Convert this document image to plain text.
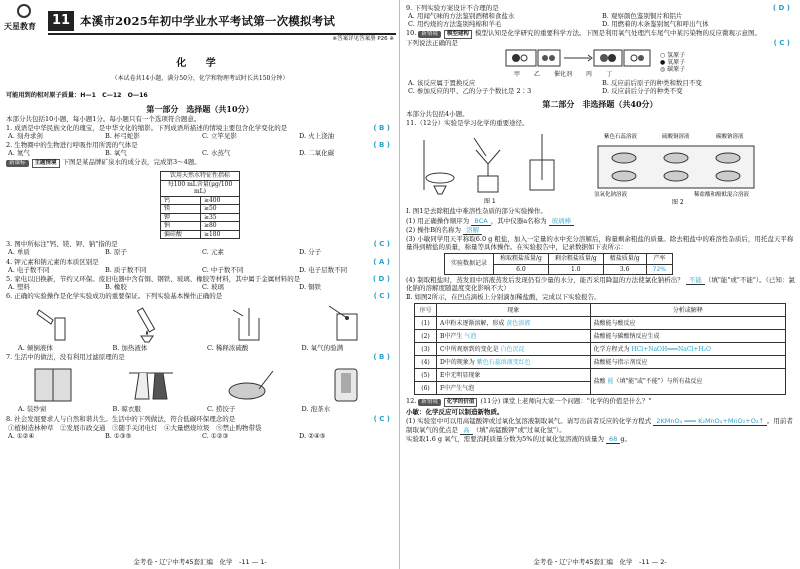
天星教育	11 本溪市2025年初中学业水平考试第一次模拟考试
※答案详见答案册 P26 ※
化 学
（本试卷共14小题，满分50分，化学和物理考试时长共150分钟）
可能用到的相对原子质量：H—1　C—12　O—16
第一部分　选择题（共10分）
本部分共包括10小题，每小题1分。每小题只有一个选项符合题意。
1. 成语是中华民族文化的瑰宝，是中华文化的缩影。下列成语所描述的情境主要包含化学变化的是	( B )
A. 刻舟求剑	B. 杯弓蛇影	C. 立竿见影	D. 火上浇油
2. 生物圈中的生物进行呼吸作用所需的气体是	( B )
A. 氮气	B. 氧气	C. 水蒸气	D. 二氧化碳
新课标 主题情境 下图是某品牌矿泉水的成分表，完成第3～4题。
饮用天然水特征性指标
每100 mL含量(μg/100 mL)	
钙	≥400
镁	≥50
钾	≥35
钠	≥80
偏硅酸	≥180
3. 图中所标注"钙、镁、钾、钠"指的是	( C )
A. 单质	B. 原子	C. 元素	D. 分子
4. 钾元素和钠元素的本质区别是	( A )
A. 电子数不同	B. 质子数不同	C. 中子数不同	D. 电子层数不同
5. 家电以旧换新，节约又环保。废旧电器中含有铜、钢铁、玻璃、橡胶等材料，其中属于金属材料的是	( D )
A. 塑料	B. 橡胶	C. 玻璃	D. 铜铁
6. 正确的实验操作是化学实验成功的重要保证。下列实验基本操作正确的是	( C )
A. 倾倒液体	B. 加热液体	C. 稀释浓硫酸	D. 氧气的验满
7. 生活中的做法，没有利用过滤原理的是	( B )
A. 装纱窗	B. 晾衣服	C. 捞饺子	D. 泡茶水
8. 社会发展要求人与自然和谐共生。生活中的下列做法，符合低碳环保理念的是	( C )
①植树造林种草　②发展市政交通　③随手关闭电灯　④大量燃烧垃圾　⑤禁止购物带袋
A. ①②④	B. ①③⑤	C. ①②③	D. ②④⑤
金考卷・辽宁中考45套汇编　化学　-11 — 1-
9. 下列实验方案设计不合理的是	( D )
A. 用闻气味的方法鉴别酒精和食盐水	B. 观察颜色鉴别铜片和铝片
C. 用灼烧的方法鉴别纯棉和羊毛	D. 用燃着的木条鉴别氮气和呼出气体
10. 新情境 模型建构 模型认知是化学研究的重要科学方法。下图是利用氧气处理汽车尾气中某污染物的反应微观示意图。下列说法正确的是	( C )
○ 氢原子
● 氧原子
◎ 碳原子
甲 乙 催化剂 丙 丁
A. 该反应属于置换反应	B. 反应前后原子的种类和数目不变
C. 参加反应的甲、乙的分子个数比是 2∶3	D. 反应前后分子的种类不变
第二部分　非选择题（共40分）
本部分共包括4小题。
11.（12分）实验是学习化学的重要途径。
图 1
紫色石蕊溶液	硫酸铜溶液	碳酸钠溶液
氢氧化钠溶液	稀盐酸和酚酞混合溶液
图 2
Ⅰ. 图1是去除粗盐中难溶性杂质的部分实验操作。
(1) 用正确操作顺序为 BCA ，其中仪器a名称为 玻璃棒
(2) 操作B的名称为 溶解
(3) 小敏同学用天平称取6.0 g 粗盐，加入一定量的水中充分溶解后，称量剩余粗盐的质量。除去粗盐中的难溶性杂质后，用托盘天平称量得到精盐的质量，称量等具体操作。在实验报告中，记录数据如下表所示：
实验数据记录	称取粗盐质量/g	剩余粗盐质量/g	精盐质量/g	产率
	6.0	1.0	3.6	72%
(4) 制取粗盐时，蒸发皿中溶液蒸发后发现仍有少量的水分，能否采用降温的方法使氯化钠析出？ 不能 （填"能"或"不能"）。（已知：氯化钠的溶解度随温度变化影响不大）
Ⅱ. 如图2所示，在凹点滴板上分别滴加稀盐酸，完成以下实验报告。
序号	现象	分析或解释
(1)	A中粉末逐渐溶解，形成 黄色溶液	盐酸能与酸反应
(2)	B中产生 气泡	盐酸能与碳酸钠反应生成
(3)	C中所观察到的变化是 白色沉淀	化学方程式为 HCl+NaOH═══NaCl+H₂O
(4)	D中的现象为 紫色石蕊溶液变红色	盐酸能与指示剂反应
(5)	E中无明显现象	盐酸 能（填"能"或"不能"）与所有盐反应
(6)	F中产生气泡	
12. 新情境 化学的价值 (11分) 课堂上老师向大家一个问题："化学的价值是什么？"
小敏：化学反应可以制造新物质。
(1) 实验室中可以用高锰酸钾或过氧化氢溶液制取氧气。请写出前者反应的化学方程式 2KMnO₄ ═══ K₂MnO₄+MnO₂+O₂↑ 。用前者制取氧气的优点是 高 （填"高锰酸钾"或"过氧化氢"）。
实验取1.6 g 氧气，需要消耗质量分数为5%的过氧化氢溶液的质量为 68 g。
金考卷・辽宁中考45套汇编　化学　-11 — 2-
